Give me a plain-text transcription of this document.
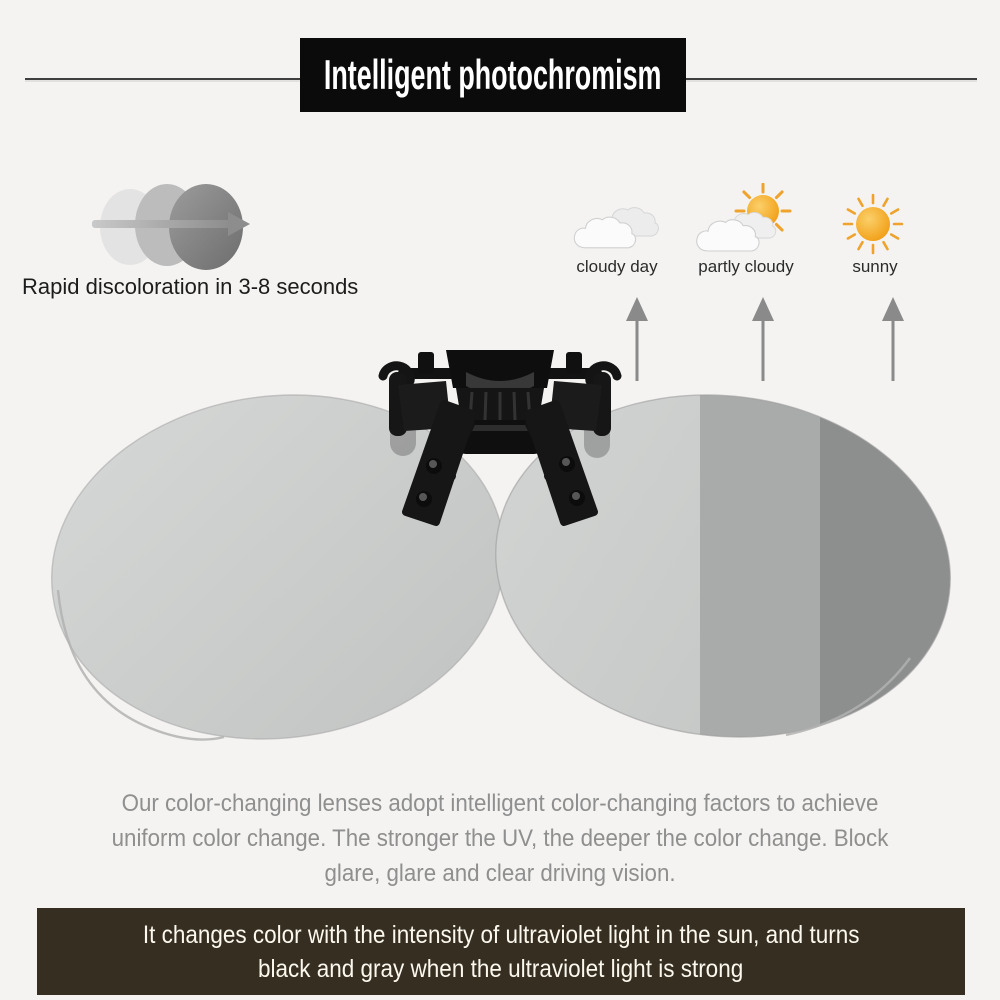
Intelligent photochromism
Rapid discoloration in 3-8 seconds
cloudy day partly cloudy	sunny
Our color-changing lenses adopt intelligent color-changing factors to achieve
uniform color change. The stronger the UV, the deeper the color change. Block
glare, glare and clear driving vision.
It changes color with the intensity of ultraviolet light in the sun, and turns
black and gray when the ultraviolet light is strong
